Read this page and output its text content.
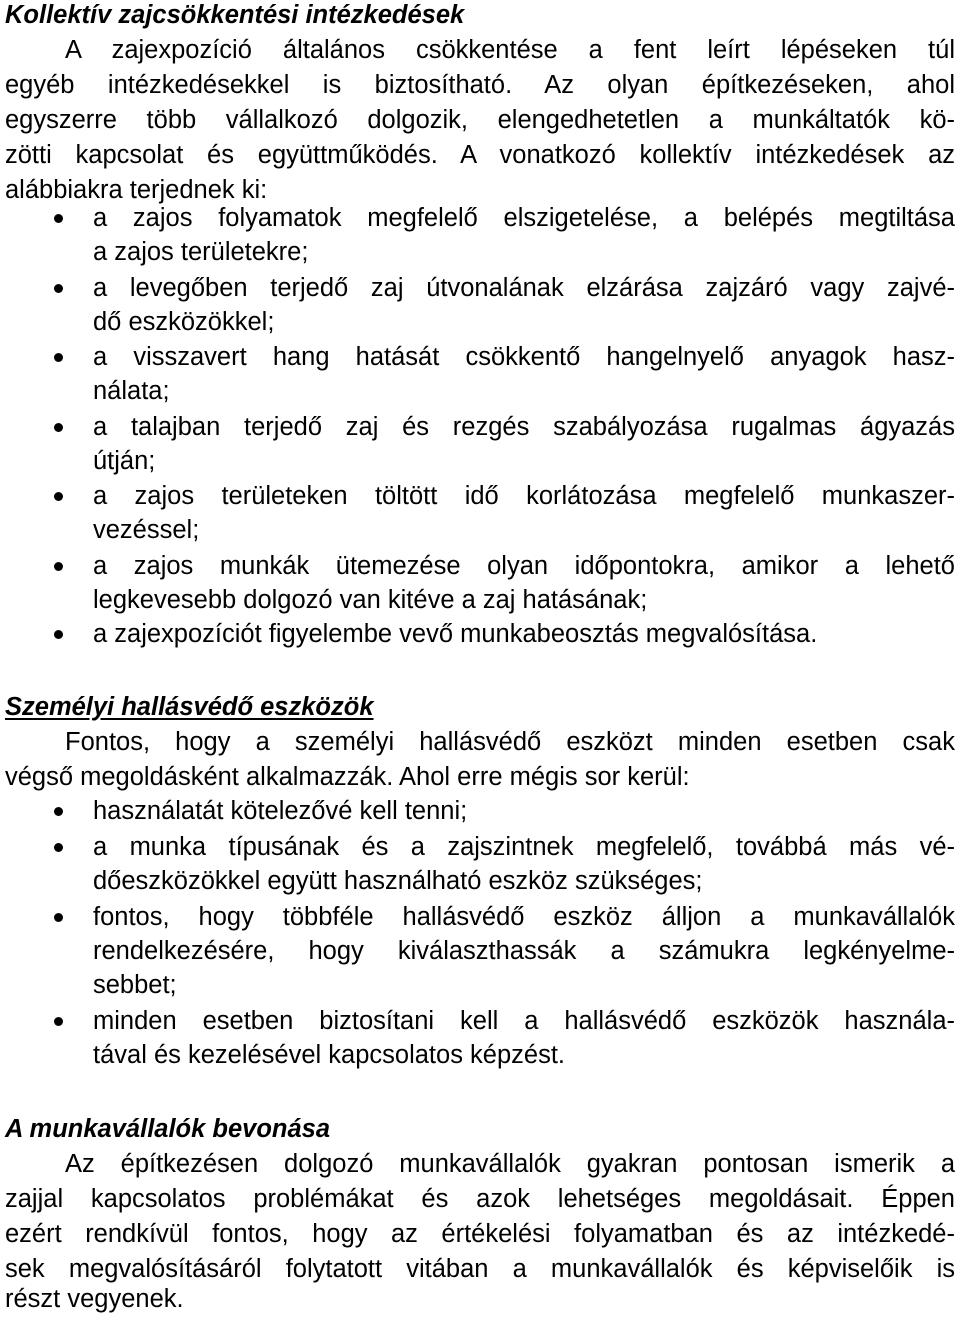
Kollektív zajcsökkentési intézkedések
A zajexpozíció általános csökkentése a fent leírt lépéseken túl
egyéb intézkedésekkel is biztosítható. Az olyan építkezéseken, ahol
egyszerre több vállalkozó dolgozik, elengedhetetlen a munkáltatók kö-
zötti kapcsolat és együttműködés. A vonatkozó kollektív intézkedések az
alábbiakra terjednek ki:
a zajos folyamatok megfelelő elszigetelése, a belépés megtiltása
a zajos területekre;
a levegőben terjedő zaj útvonalának elzárása zajzáró vagy zajvé-
dő eszközökkel;
a visszavert hang hatását csökkentő hangelnyelő anyagok hasz-
nálata;
a talajban terjedő zaj és rezgés szabályozása rugalmas ágyazás
útján;
a zajos területeken töltött idő korlátozása megfelelő munkaszer-
vezéssel;
a zajos munkák ütemezése olyan időpontokra, amikor a lehető
legkevesebb dolgozó van kitéve a zaj hatásának;
a zajexpozíciót figyelembe vevő munkabeosztás megvalósítása.
Személyi hallásvédő eszközök
Fontos, hogy a személyi hallásvédő eszközt minden esetben csak
végső megoldásként alkalmazzák. Ahol erre mégis sor kerül:
használatát kötelezővé kell tenni;
a munka típusának és a zajszintnek megfelelő, továbbá más vé-
dőeszközökkel együtt használható eszköz szükséges;
fontos, hogy többféle hallásvédő eszköz álljon a munkavállalók
rendelkezésére, hogy kiválaszthassák a számukra legkényelme-
sebbet;
minden esetben biztosítani kell a hallásvédő eszközök használa-
tával és kezelésével kapcsolatos képzést.
A munkavállalók bevonása
Az építkezésen dolgozó munkavállalók gyakran pontosan ismerik a
zajjal kapcsolatos problémákat és azok lehetséges megoldásait. Éppen
ezért rendkívül fontos, hogy az értékelési folyamatban és az intézkedé-
sek megvalósításáról folytatott vitában a munkavállalók és képviselőik is
részt vegyenek.
